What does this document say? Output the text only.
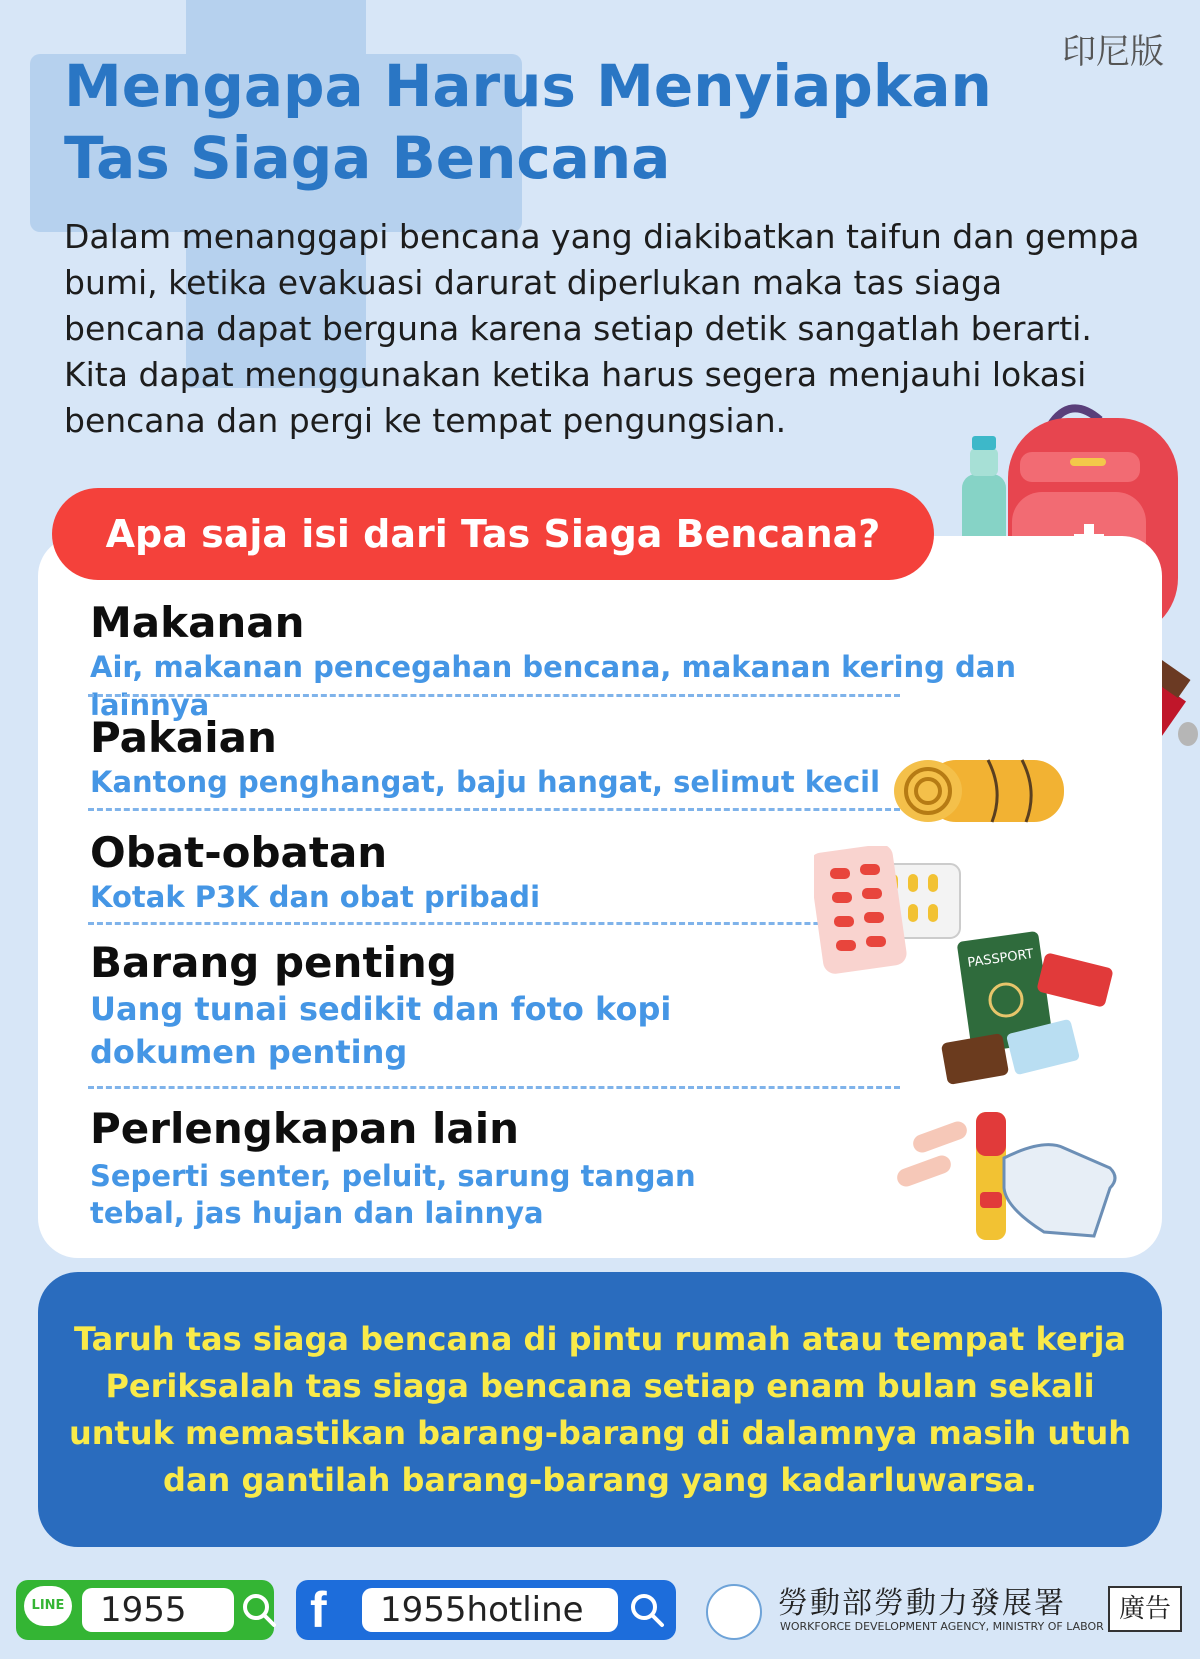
印尼版
Mengapa Harus Menyiapkan
Tas Siaga Bencana

Dalam menanggapi bencana yang diakibatkan taifun dan gempa bumi, ketika evakuasi darurat diperlukan maka tas siaga bencana dapat berguna karena setiap detik sangatlah berarti. Kita dapat menggunakan ketika harus segera menjauhi lokasi bencana dan pergi ke tempat pengungsian.

Apa saja isi dari Tas Siaga Bencana?
Makanan

Air, makanan pencegahan bencana, makanan kering dan lainnya

Pakaian

Kantong penghangat, baju hangat, selimut kecil

Obat-obatan

Kotak P3K dan obat pribadi

Barang penting

Uang tunai sedikit dan foto kopi dokumen penting

PASSPORT
Perlengkapan lain

Seperti senter, peluit, sarung tangan tebal, jas hujan dan lainnya

Taruh tas siaga bencana di pintu rumah atau tempat kerja

Periksalah tas siaga bencana setiap enam bulan sekali

untuk memastikan barang-barang di dalamnya masih utuh

dan gantilah barang-barang yang kadarluwarsa.

LINE	1955	f	1955hotline	勞動部勞動力發展署
WORKFORCE DEVELOPMENT AGENCY, MINISTRY OF LABOR
廣告
